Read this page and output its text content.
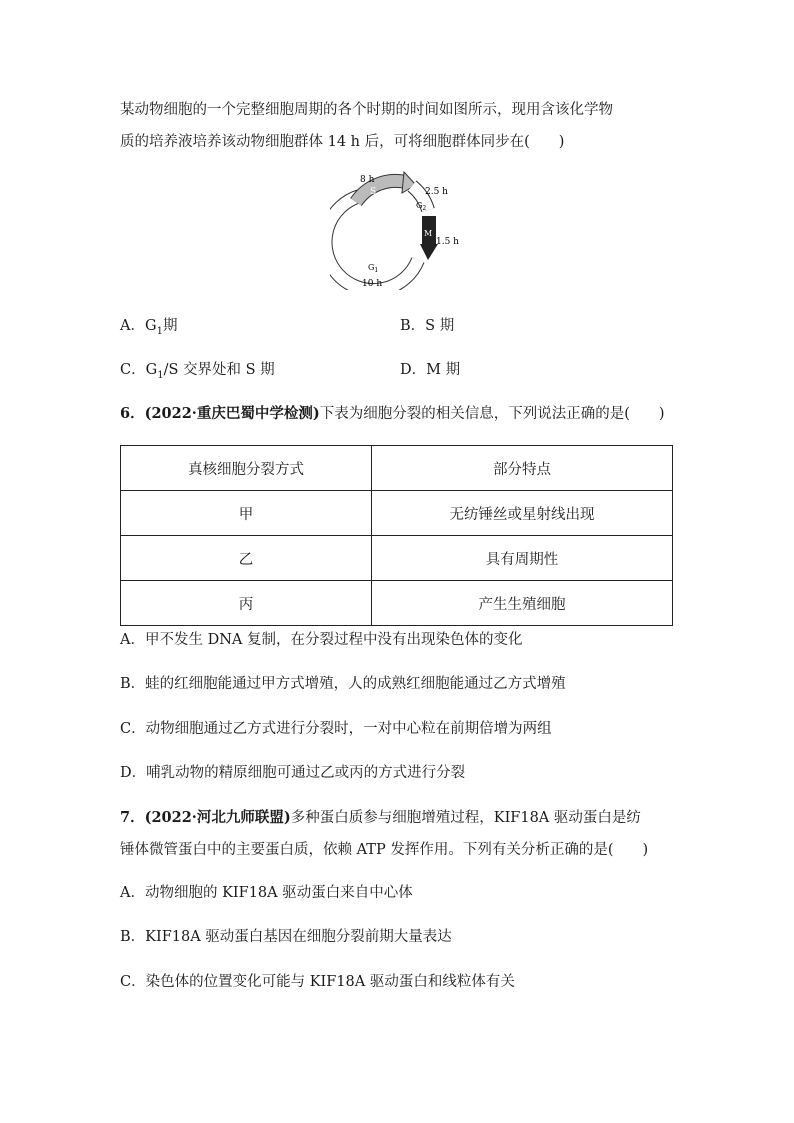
某动物细胞的一个完整细胞周期的各个时期的时间如图所示，现用含该化学物
质的培养液培养该动物细胞群体 14 h 后，可将细胞群体同步在(　　)
8 h
S	2.5 h
$G_2$
M
1.5 h
$G_1$
10 h
A．$G_1$期	B．S 期
C．$G_1/S$ 交界处和 S 期	D．M 期
6．(2022·重庆巴蜀中学检测)下表为细胞分裂的相关信息，下列说法正确的是(　　)
真核细胞分裂方式	部分特点
甲	无纺锤丝或星射线出现
乙	具有周期性
丙	产生生殖细胞
A．甲不发生 DNA 复制，在分裂过程中没有出现染色体的变化
B．蛙的红细胞能通过甲方式增殖，人的成熟红细胞能通过乙方式增殖
C．动物细胞通过乙方式进行分裂时，一对中心粒在前期倍增为两组
D．哺乳动物的精原细胞可通过乙或丙的方式进行分裂
7．(2022·河北九师联盟)多种蛋白质参与细胞增殖过程，KIF18A 驱动蛋白是纺
锤体微管蛋白中的主要蛋白质，依赖 ATP 发挥作用。下列有关分析正确的是(　　)
A．动物细胞的 KIF18A 驱动蛋白来自中心体
B．KIF18A 驱动蛋白基因在细胞分裂前期大量表达
C．染色体的位置变化可能与 KIF18A 驱动蛋白和线粒体有关
